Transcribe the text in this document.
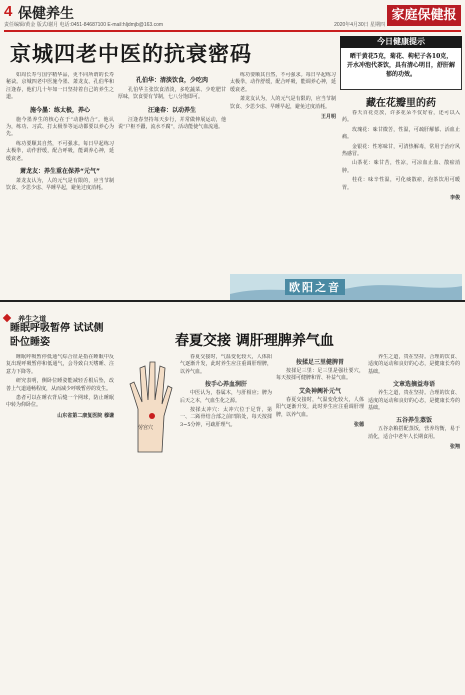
4 保健养生
责任编辑/黄金 版式/谢月 电话:0451-84687100 E-mail:hljdmjb@163.com	2020年4月30日 星期四
家庭保健报
京城四老中医的抗衰密码

如周长寿与国学精华品，更不同所谓的长寿秘诀。京城四老中医施今墨、萧龙友、孔伯华和汪逢春，他们几十年如一日坚持着自己的养生之道。

施今墨：练太极，养心

施今墨养生的核心在于“动静结合”。他认为，练功、习武、打太极拳等运动都要以养心为先。

练功要顺其自然，不可强求。每日早起练习太极拳，动作舒缓，配合呼吸，能调养心神，延缓衰老。

萧龙友：养生重在保养“元气”

萧龙友认为，人的元气是有限的，应当节制饮食、少思少虑、早睡早起，避免过度消耗。

孔伯华：清淡饮食，少吃肉

孔伯华主张饮食清淡，多吃蔬菜、少吃肥甘厚味，饮食要有节制，七八分饱即可。

汪逢春：以动养生

汪逢春坚持每天步行，并常做伸展运动，他说“户枢不蠹，流水不腐”，活动能使气血流通。

练功要顺其自然，不可强求。每日早起练习太极拳，动作舒缓，配合呼吸，能调养心神，延缓衰老。

萧龙友认为，人的元气是有限的，应当节制饮食、少思少虑、早睡早起，避免过度消耗。

王月明
今日健康提示
晒干黄花5克，菊花、枸杞子各10克，开水冲泡代茶饮，具有清心明目，舒肝解郁的功效。
藏在花瓣里的药

春天百花竞放，许多花朵不仅好看，还可以入药。

玫瑰花：味甘微苦，性温，可疏肝解郁、活血止痛。

金银花：性寒味甘，可清热解毒，常用于治疗风热感冒。

山茶花：味甘苦，性凉，可凉血止血、散瘀消肿。

桂花：味辛性温，可化痰散瘀，泡茶饮用可暖胃。

李俊
欧阳之音
养生之道
睡眠呼吸暂停 试试侧卧位睡姿

睡眠呼吸暂停低通气综合征是指在睡眠中反复出现呼吸暂停和低通气，会导致白天嗜睡、注意力下降等。

研究表明，侧卧位睡姿能减轻舌根后坠，改善上气道通畅程度，从而减少呼吸暂停的发生。

患者可以在睡衣背后缝一个网球，防止睡眠中转为仰卧位。

山东省第二康复医院 穆谦
春夏交接 调肝理脾养气血
劳宫穴

春夏交接时，气温变化较大，人体阳气逐渐升发，此时养生应注重调肝理脾，以养气血。

按手心养血润肝

中医认为，春属木，与肝相应；脾为后天之本，气血生化之源。

按揉太冲穴：太冲穴位于足背，第一、二跖骨结合部之前凹陷处，每天按揉3~5分钟，可疏肝理气。

按揉足三里健脾胃

按揉足三里：足三里是强壮要穴，每天按揉可健脾和胃、补益气血。

艾灸神阙补元气

春夏交接时，气温变化较大，人体阳气逐渐升发，此时养生应注重调肝理脾，以养气血。

张德

养生之道，贵在坚持。合理的饮食、适度的运动和良好的心态，是健康长寿的基础。

文章选摘益寿语

养生之道，贵在坚持。合理的饮食、适度的运动和良好的心态，是健康长寿的基础。

五谷养生蒸饭

五谷杂粮搭配蒸饭，营养均衡，易于消化，适合中老年人长期食用。

张翔
